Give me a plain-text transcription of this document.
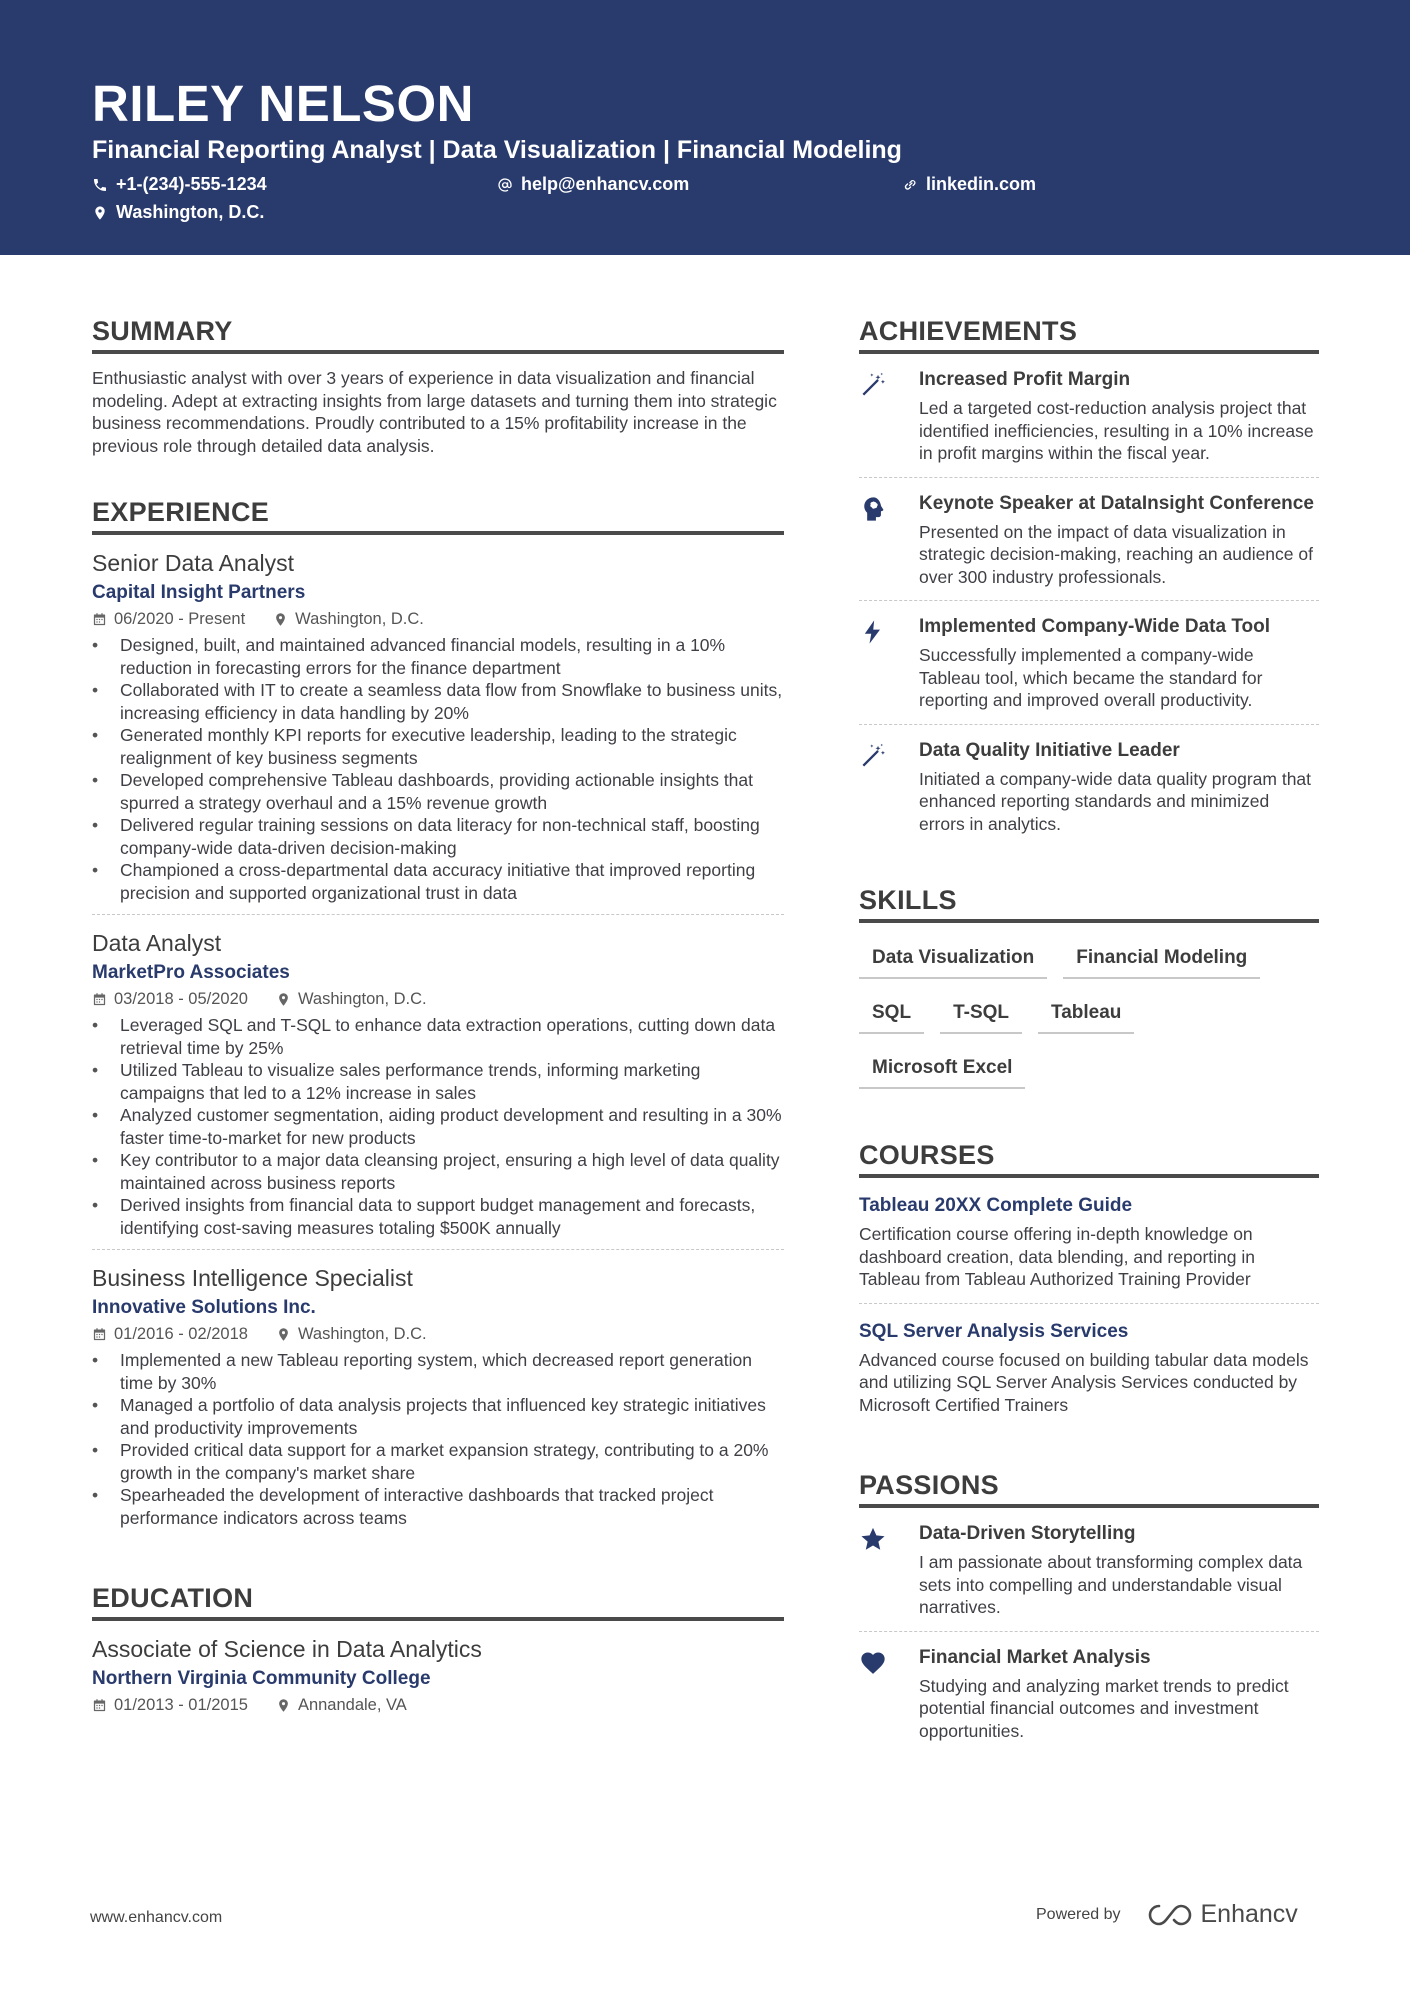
RILEY NELSON
Financial Reporting Analyst | Data Visualization | Financial Modeling
+1-(234)-555-1234	help@enhancv.com	linkedin.com
Washington, D.C.
SUMMARY
Enthusiastic analyst with over 3 years of experience in data visualization and financial modeling. Adept at extracting insights from large datasets and turning them into strategic business recommendations. Proudly contributed to a 15% profitability increase in the previous role through detailed data analysis.
EXPERIENCE
Senior Data Analyst
Capital Insight Partners
06/2020 - Present	Washington, D.C.
• Designed, built, and maintained advanced financial models, resulting in a 10% reduction in forecasting errors for the finance department
• Collaborated with IT to create a seamless data flow from Snowflake to business units, increasing efficiency in data handling by 20%
• Generated monthly KPI reports for executive leadership, leading to the strategic realignment of key business segments
• Developed comprehensive Tableau dashboards, providing actionable insights that spurred a strategy overhaul and a 15% revenue growth
• Delivered regular training sessions on data literacy for non-technical staff, boosting company-wide data-driven decision-making
• Championed a cross-departmental data accuracy initiative that improved reporting precision and supported organizational trust in data
Data Analyst
MarketPro Associates
03/2018 - 05/2020	Washington, D.C.
• Leveraged SQL and T-SQL to enhance data extraction operations, cutting down data retrieval time by 25%
• Utilized Tableau to visualize sales performance trends, informing marketing campaigns that led to a 12% increase in sales
• Analyzed customer segmentation, aiding product development and resulting in a 30% faster time-to-market for new products
• Key contributor to a major data cleansing project, ensuring a high level of data quality maintained across business reports
• Derived insights from financial data to support budget management and forecasts, identifying cost-saving measures totaling $500K annually
Business Intelligence Specialist
Innovative Solutions Inc.
01/2016 - 02/2018	Washington, D.C.
• Implemented a new Tableau reporting system, which decreased report generation time by 30%
• Managed a portfolio of data analysis projects that influenced key strategic initiatives and productivity improvements
• Provided critical data support for a market expansion strategy, contributing to a 20% growth in the company's market share
• Spearheaded the development of interactive dashboards that tracked project performance indicators across teams
EDUCATION
Associate of Science in Data Analytics
Northern Virginia Community College
01/2013 - 01/2015	Annandale, VA
ACHIEVEMENTS
Increased Profit Margin
Led a targeted cost-reduction analysis project that identified inefficiencies, resulting in a 10% increase in profit margins within the fiscal year.
Keynote Speaker at DataInsight Conference
Presented on the impact of data visualization in strategic decision-making, reaching an audience of over 300 industry professionals.
Implemented Company-Wide Data Tool
Successfully implemented a company-wide Tableau tool, which became the standard for reporting and improved overall productivity.
Data Quality Initiative Leader
Initiated a company-wide data quality program that enhanced reporting standards and minimized errors in analytics.
SKILLS
Data Visualization	Financial Modeling
SQL	T-SQL	Tableau
Microsoft Excel
COURSES
Tableau 20XX Complete Guide
Certification course offering in-depth knowledge on dashboard creation, data blending, and reporting in Tableau from Tableau Authorized Training Provider
SQL Server Analysis Services
Advanced course focused on building tabular data models and utilizing SQL Server Analysis Services conducted by Microsoft Certified Trainers
PASSIONS
Data-Driven Storytelling
I am passionate about transforming complex data sets into compelling and understandable visual narratives.
Financial Market Analysis
Studying and analyzing market trends to predict potential financial outcomes and investment opportunities.
www.enhancv.com	Powered by	Enhancv
